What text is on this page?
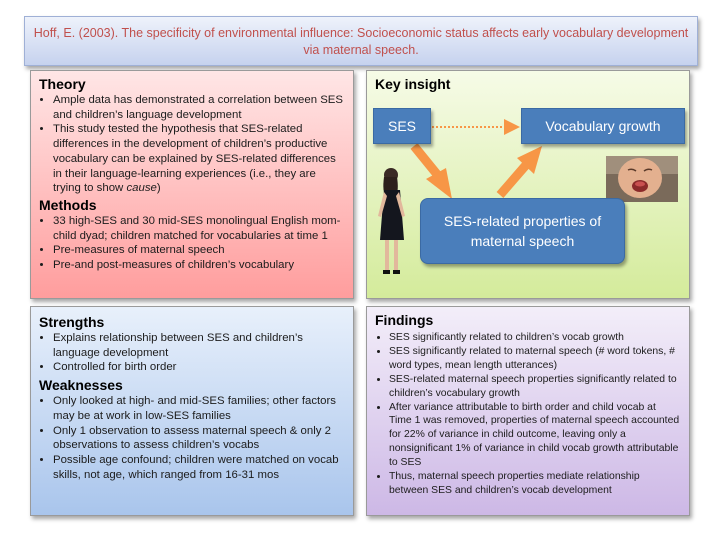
Hoff, E. (2003). The specificity of environmental influence: Socioeconomic status affects early vocabulary development via maternal speech.
Theory
• Ample data has demonstrated a correlation between SES and children’s language development
• This study tested the hypothesis that SES-related differences in the development of children’s productive vocabulary can be explained by SES-related differences in their language-learning experiences (i.e., they are trying to show cause)
Methods
• 33 high-SES and 30 mid-SES monolingual English mom-child dyad; children matched for vocabularies at time 1
• Pre-measures of maternal speech
• Pre-and post-measures of children’s vocabulary
Key insight
SES	Vocabulary growth
SES-related properties of maternal speech
Strengths
• Explains relationship between SES and children’s language development
• Controlled for birth order
Weaknesses
• Only looked at high- and mid-SES families; other factors may be at work in low-SES families
• Only 1 observation to assess maternal speech & only 2 observations to assess children’s vocabs
• Possible age confound; children were matched on vocab skills, not age, which ranged from 16-31 mos
Findings
• SES significantly related to children’s vocab growth
• SES significantly related to maternal speech (# word tokens, # word types, mean length utterances)
• SES-related maternal speech properties significantly related to children’s vocabulary growth
• After variance attributable to birth order and child vocab at Time 1 was removed, properties of maternal speech accounted for 22% of variance in child outcome, leaving only a nonsignificant 1% of variance in child vocab growth attributable to SES
• Thus, maternal speech properties mediate relationship between SES and children’s vocab development
